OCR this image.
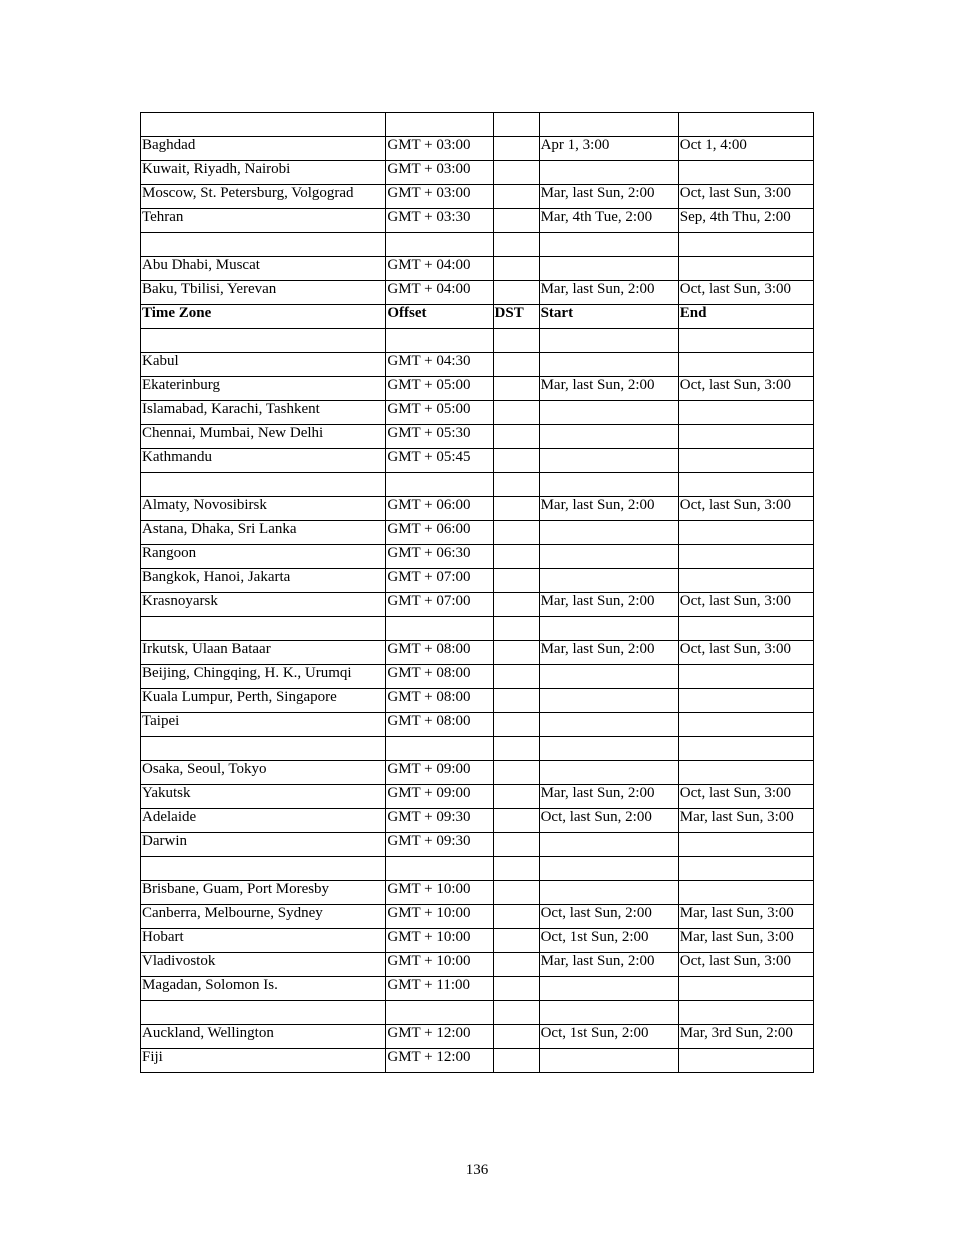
Baghdad	GMT + 03:00		Apr 1, 3:00	Oct 1, 4:00
Kuwait, Riyadh, Nairobi	GMT + 03:00			
Moscow, St. Petersburg, Volgograd	GMT + 03:00		Mar, last Sun, 2:00	Oct, last Sun, 3:00
Tehran	GMT + 03:30		Mar, 4th Tue, 2:00	Sep, 4th Thu, 2:00

Abu Dhabi, Muscat	GMT + 04:00			
Baku, Tbilisi, Yerevan	GMT + 04:00		Mar, last Sun, 2:00	Oct, last Sun, 3:00
Time Zone	Offset	DST	Start	End

Kabul	GMT + 04:30			
Ekaterinburg	GMT + 05:00		Mar, last Sun, 2:00	Oct, last Sun, 3:00
Islamabad, Karachi, Tashkent	GMT + 05:00			
Chennai, Mumbai, New Delhi	GMT + 05:30			
Kathmandu	GMT + 05:45			

Almaty, Novosibirsk	GMT + 06:00		Mar, last Sun, 2:00	Oct, last Sun, 3:00
Astana, Dhaka, Sri Lanka	GMT + 06:00			
Rangoon	GMT + 06:30			
Bangkok, Hanoi, Jakarta	GMT + 07:00			
Krasnoyarsk	GMT + 07:00		Mar, last Sun, 2:00	Oct, last Sun, 3:00

Irkutsk, Ulaan Bataar	GMT + 08:00		Mar, last Sun, 2:00	Oct, last Sun, 3:00
Beijing, Chingqing, H. K., Urumqi	GMT + 08:00			
Kuala Lumpur, Perth, Singapore	GMT + 08:00			
Taipei	GMT + 08:00			

Osaka, Seoul, Tokyo	GMT + 09:00			
Yakutsk	GMT + 09:00		Mar, last Sun, 2:00	Oct, last Sun, 3:00
Adelaide	GMT + 09:30		Oct, last Sun, 2:00	Mar, last Sun, 3:00
Darwin	GMT + 09:30			

Brisbane, Guam, Port Moresby	GMT + 10:00			
Canberra, Melbourne, Sydney	GMT + 10:00		Oct, last Sun, 2:00	Mar, last Sun, 3:00
Hobart	GMT + 10:00		Oct, 1st Sun, 2:00	Mar, last Sun, 3:00
Vladivostok	GMT + 10:00		Mar, last Sun, 2:00	Oct, last Sun, 3:00
Magadan, Solomon Is.	GMT + 11:00			

Auckland, Wellington	GMT + 12:00		Oct, 1st Sun, 2:00	Mar, 3rd Sun, 2:00
Fiji	GMT + 12:00			
136
